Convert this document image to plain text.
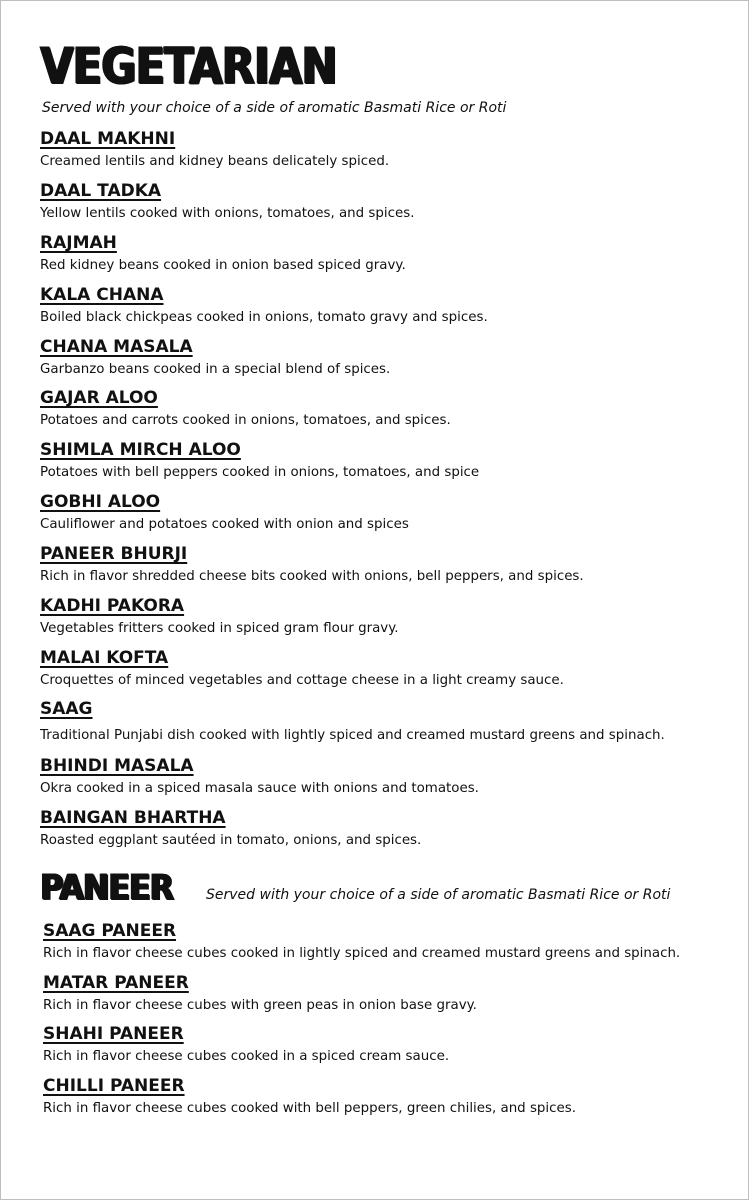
VEGETARIAN
Served with your choice of a side of aromatic Basmati Rice or Roti
DAAL MAKHNI
Creamed lentils and kidney beans delicately spiced.
DAAL TADKA
Yellow lentils cooked with onions, tomatoes, and spices.
RAJMAH
Red kidney beans cooked in onion based spiced gravy.
KALA CHANA
Boiled black chickpeas cooked in onions, tomato gravy and spices.
CHANA MASALA
Garbanzo beans cooked in a special blend of spices.
GAJAR ALOO
Potatoes and carrots cooked in onions, tomatoes, and spices.
SHIMLA MIRCH ALOO
Potatoes with bell peppers cooked in onions, tomatoes, and spice
GOBHI ALOO
Cauliflower and potatoes cooked with onion and spices
PANEER BHURJI
Rich in flavor shredded cheese bits cooked with onions, bell peppers, and spices.
KADHI PAKORA
Vegetables fritters cooked in spiced gram flour gravy.
MALAI KOFTA
Croquettes of minced vegetables and cottage cheese in a light creamy sauce.
SAAG
Traditional Punjabi dish cooked with lightly spiced and creamed mustard greens and spinach.
BHINDI MASALA
Okra cooked in a spiced masala sauce with onions and tomatoes.
BAINGAN BHARTHA
Roasted eggplant sautéed in tomato, onions, and spices.
PANEER Served with your choice of a side of aromatic Basmati Rice or Roti
SAAG PANEER
Rich in flavor cheese cubes cooked in lightly spiced and creamed mustard greens and spinach.
MATAR PANEER
Rich in flavor cheese cubes with green peas in onion base gravy.
SHAHI PANEER
Rich in flavor cheese cubes cooked in a spiced cream sauce.
CHILLI PANEER
Rich in flavor cheese cubes cooked with bell peppers, green chilies, and spices.
